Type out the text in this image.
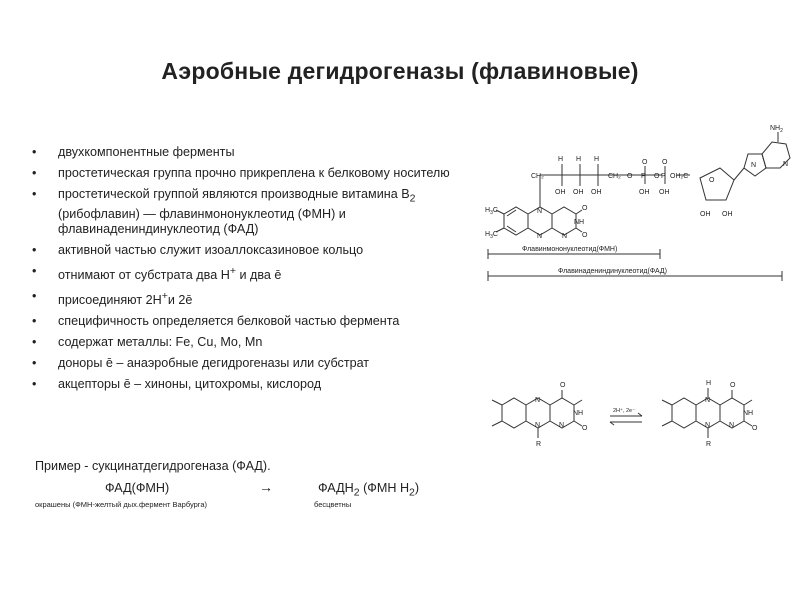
Аэробные дегидрогеназы (флавиновые)
• двухкомпонентные ферменты
• простетическая группа прочно прикреплена к белковому носителю
• простетической группой являются производные витамина $В_2$ (рибофлавин) — флавинмононуклеотид (ФМН) и флавинадениндинуклеотид (ФАД)
• активной частью служит изоаллоксазиновое кольцо
• отнимают от субстрата два Н+ и два ē
• присоединяют 2Н+и 2ē
• специфичность определяется белковой частью фермента
• содержат металлы: Fe, Cu, Mo, Mn
• доноры ē – анаэробные дегидрогеназы или субстрат
• акцепторы ē – хиноны, цитохромы, кислород
Пример - сукцинатдегидрогеназа (ФАД).
ФАД(ФМН)	→	$ФАДН_2$ (ФМН $Н_2$)
окрашены (ФМН-желтый дых.фермент Варбурга)	бесцветны
H H H
OH OH OH
CH₂	CH₂ O P O P
O O
OH OH
OH₂C
O
OH OH
$NH_2$
N	N
$H_3C$
$H_3C$
N
N	N
NH
O
O
Флавинмононуклеотид(ФМН)
Флавинадениндинуклеотид(ФАД)
O
N
N	N
NH
O
R
2H⁺, 2e⁻
O
H
N
N	N
NH
O
R
